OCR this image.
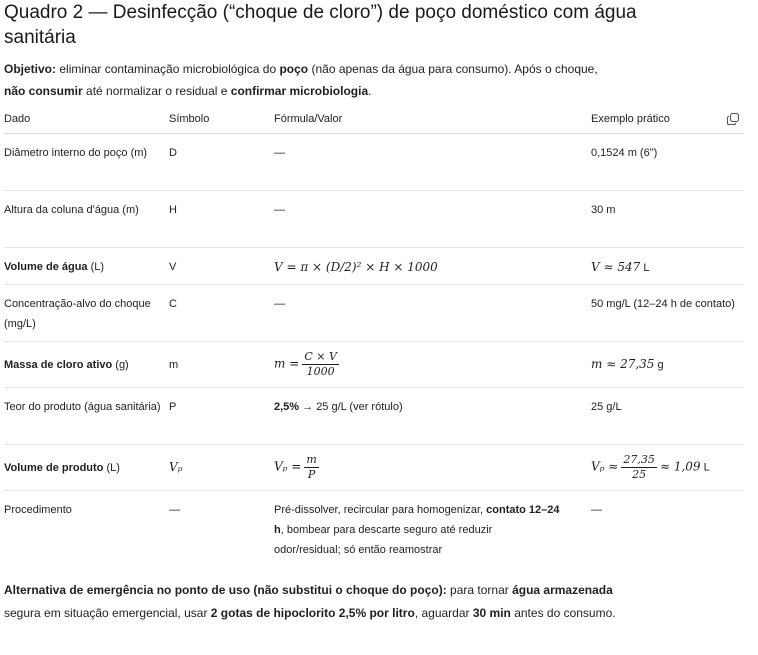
Quadro 2 — Desinfecção (“choque de cloro”) de poço doméstico com água sanitária
Objetivo: eliminar contaminação microbiológica do poço (não apenas da água para consumo). Após o choque, não consumir até normalizar o residual e confirmar microbiologia.
Dado	Símbolo	Fórmula/Valor	Exemplo prático

Diâmetro interno do poço (m)	D	—	0,1524 m (6")
Altura da coluna d'água (m)	H	—	30 m
Volume de água (L)	V	V = π × (D/2)² × H × 1000	V ≈ 547 L
Concentração-alvo do choque (mg/L)	C	—	50 mg/L (12–24 h de contato)
Massa de cloro ativo (g)	m	$m = \frac{C \times V}{1000}$	m ≈ 27,35 g
Teor do produto (água sanitária)	P	2,5% → 25 g/L (ver rótulo)	25 g/L
Volume de produto (L)	Vₚ	$V_p = \frac{m}{P}$	$V_p \approx \frac{27,35}{25} \approx 1,09$ L
Procedimento	—	Pré-dissolver, recircular para homogenizar, contato 12–24 h, bombear para descarte seguro até reduzir odor/residual; só então reamostrar	—
Alternativa de emergência no ponto de uso (não substitui o choque do poço): para tornar água armazenada segura em situação emergencial, usar 2 gotas de hipoclorito 2,5% por litro, aguardar 30 min antes do consumo.
